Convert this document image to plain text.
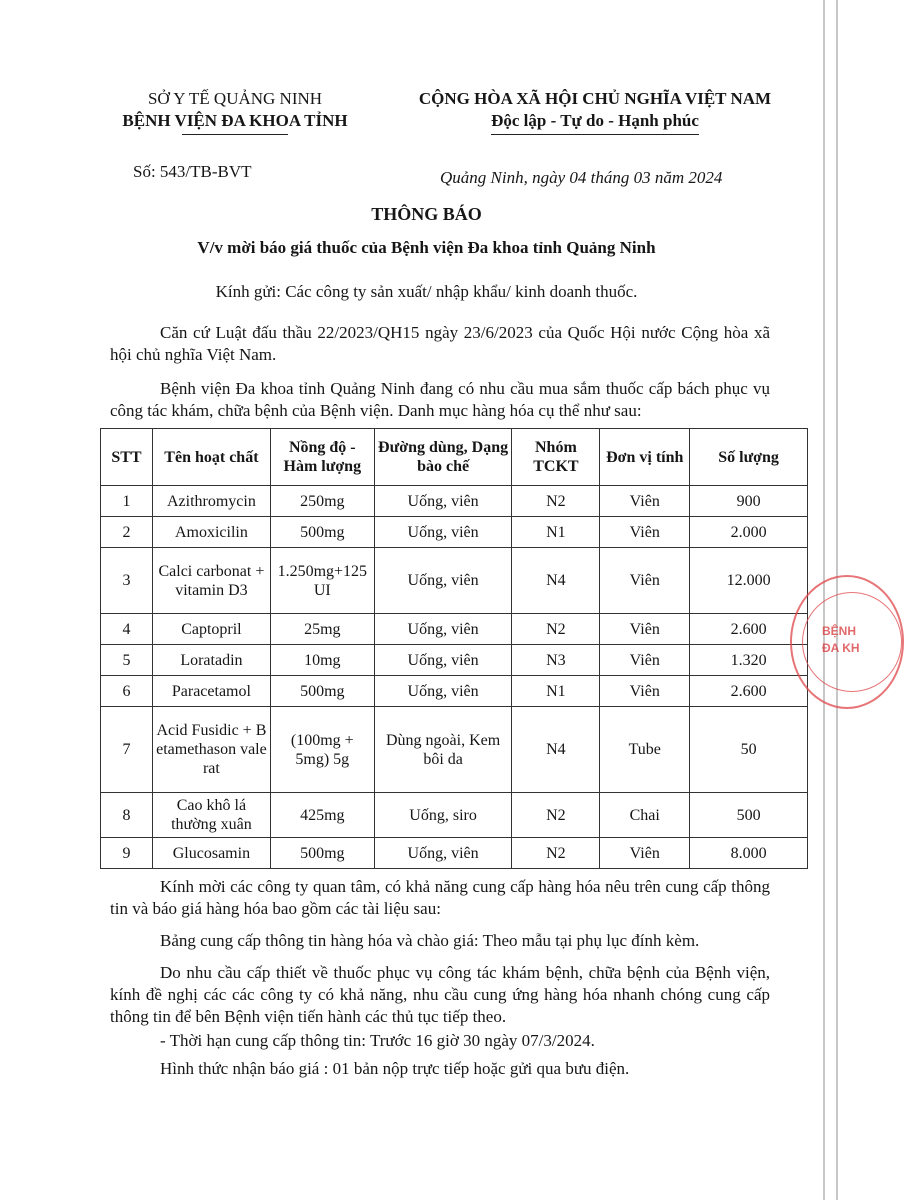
SỞ Y TẾ QUẢNG NINH
BỆNH VIỆN ĐA KHOA TỈNH
CỘNG HÒA XÃ HỘI CHỦ NGHĨA VIỆT NAM
Độc lập - Tự do - Hạnh phúc
Số: 543/TB-BVT	Quảng Ninh, ngày 04 tháng 03 năm 2024
THÔNG BÁO
V/v mời báo giá thuốc của Bệnh viện Đa khoa tỉnh Quảng Ninh
Kính gửi: Các công ty sản xuất/ nhập khẩu/ kinh doanh thuốc.
Căn cứ Luật đấu thầu 22/2023/QH15 ngày 23/6/2023 của Quốc Hội nước Cộng hòa xã hội chủ nghĩa Việt Nam.
Bệnh viện Đa khoa tỉnh Quảng Ninh đang có nhu cầu mua sắm thuốc cấp bách phục vụ công tác khám, chữa bệnh của Bệnh viện. Danh mục hàng hóa cụ thể như sau:
STT	Tên hoạt chất	Nồng độ - Hàm lượng	Đường dùng, Dạng bào chế	Nhóm TCKT	Đơn vị tính	Số lượng
1	Azithromycin	250mg	Uống, viên	N2	Viên	900
2	Amoxicilin	500mg	Uống, viên	N1	Viên	2.000
3	Calci carbonat + vitamin D3	1.250mg+125UI	Uống, viên	N4	Viên	12.000
4	Captopril	25mg	Uống, viên	N2	Viên	2.600
5	Loratadin	10mg	Uống, viên	N3	Viên	1.320
6	Paracetamol	500mg	Uống, viên	N1	Viên	2.600
7	Acid Fusidic + Betamethason valerat	(100mg + 5mg) 5g	Dùng ngoài, Kem bôi da	N4	Tube	50
8	Cao khô lá thường xuân	425mg	Uống, siro	N2	Chai	500
9	Glucosamin	500mg	Uống, viên	N2	Viên	8.000
BỆNH
ĐA KH
Kính mời các công ty quan tâm, có khả năng cung cấp hàng hóa nêu trên cung cấp thông tin và báo giá hàng hóa bao gồm các tài liệu sau:
Bảng cung cấp thông tin hàng hóa và chào giá: Theo mẫu tại phụ lục đính kèm.
Do nhu cầu cấp thiết về thuốc phục vụ công tác khám bệnh, chữa bệnh của Bệnh viện, kính đề nghị các các công ty có khả năng, nhu cầu cung ứng hàng hóa nhanh chóng cung cấp thông tin để bên Bệnh viện tiến hành các thủ tục tiếp theo.
- Thời hạn cung cấp thông tin: Trước 16 giờ 30 ngày 07/3/2024.
Hình thức nhận báo giá : 01 bản nộp trực tiếp hoặc gửi qua bưu điện.
